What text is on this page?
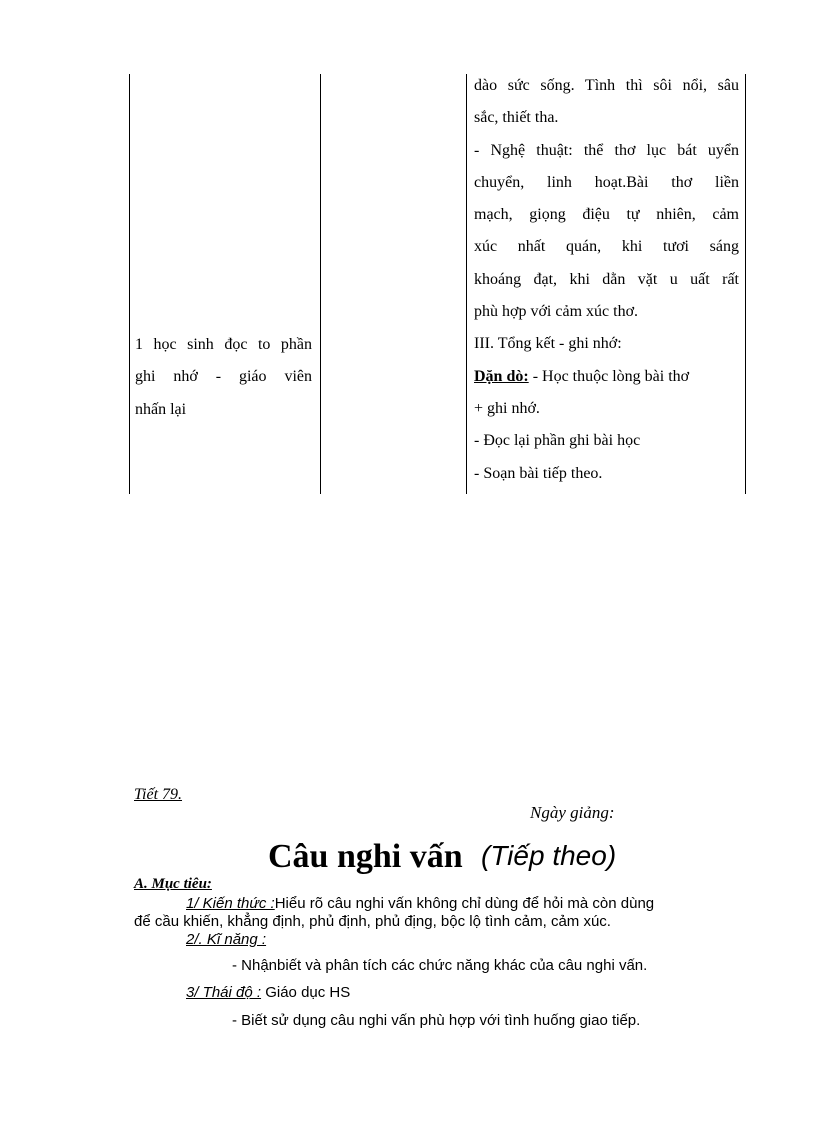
1 học sinh đọc to phần
ghi nhớ - giáo viên
nhấn lại
dào sức sống. Tình thì sôi nổi, sâu
sắc, thiết tha.
- Nghệ thuật: thể thơ lục bát uyển
chuyển, linh hoạt.Bài thơ liền
mạch, giọng điệu tự nhiên, cảm
xúc nhất quán, khi tươi sáng
khoáng đạt, khi dằn vặt u uất rất
phù hợp với cảm xúc thơ.
III. Tổng kết - ghi nhớ:
Dặn dò: - Học thuộc lòng bài thơ
+ ghi nhớ.
- Đọc lại phần ghi bài học
- Soạn bài tiếp theo.
Tiết 79.
Ngày giảng:
Câu nghi vấn (Tiếp theo)
A. Mục tiêu:
1/ Kiến thức :Hiểu rõ câu nghi vấn không chỉ dùng để hỏi mà còn dùng
để cầu khiến, khẳng định, phủ định, phủ địng, bộc lộ tình cảm, cảm xúc.
2/. Kĩ năng :
- Nhậnbiết và phân tích các chức năng khác của câu nghi vấn.
3/ Thái độ : Giáo dục HS
- Biết sử dụng câu nghi vấn phù hợp với tình huống giao tiếp.
